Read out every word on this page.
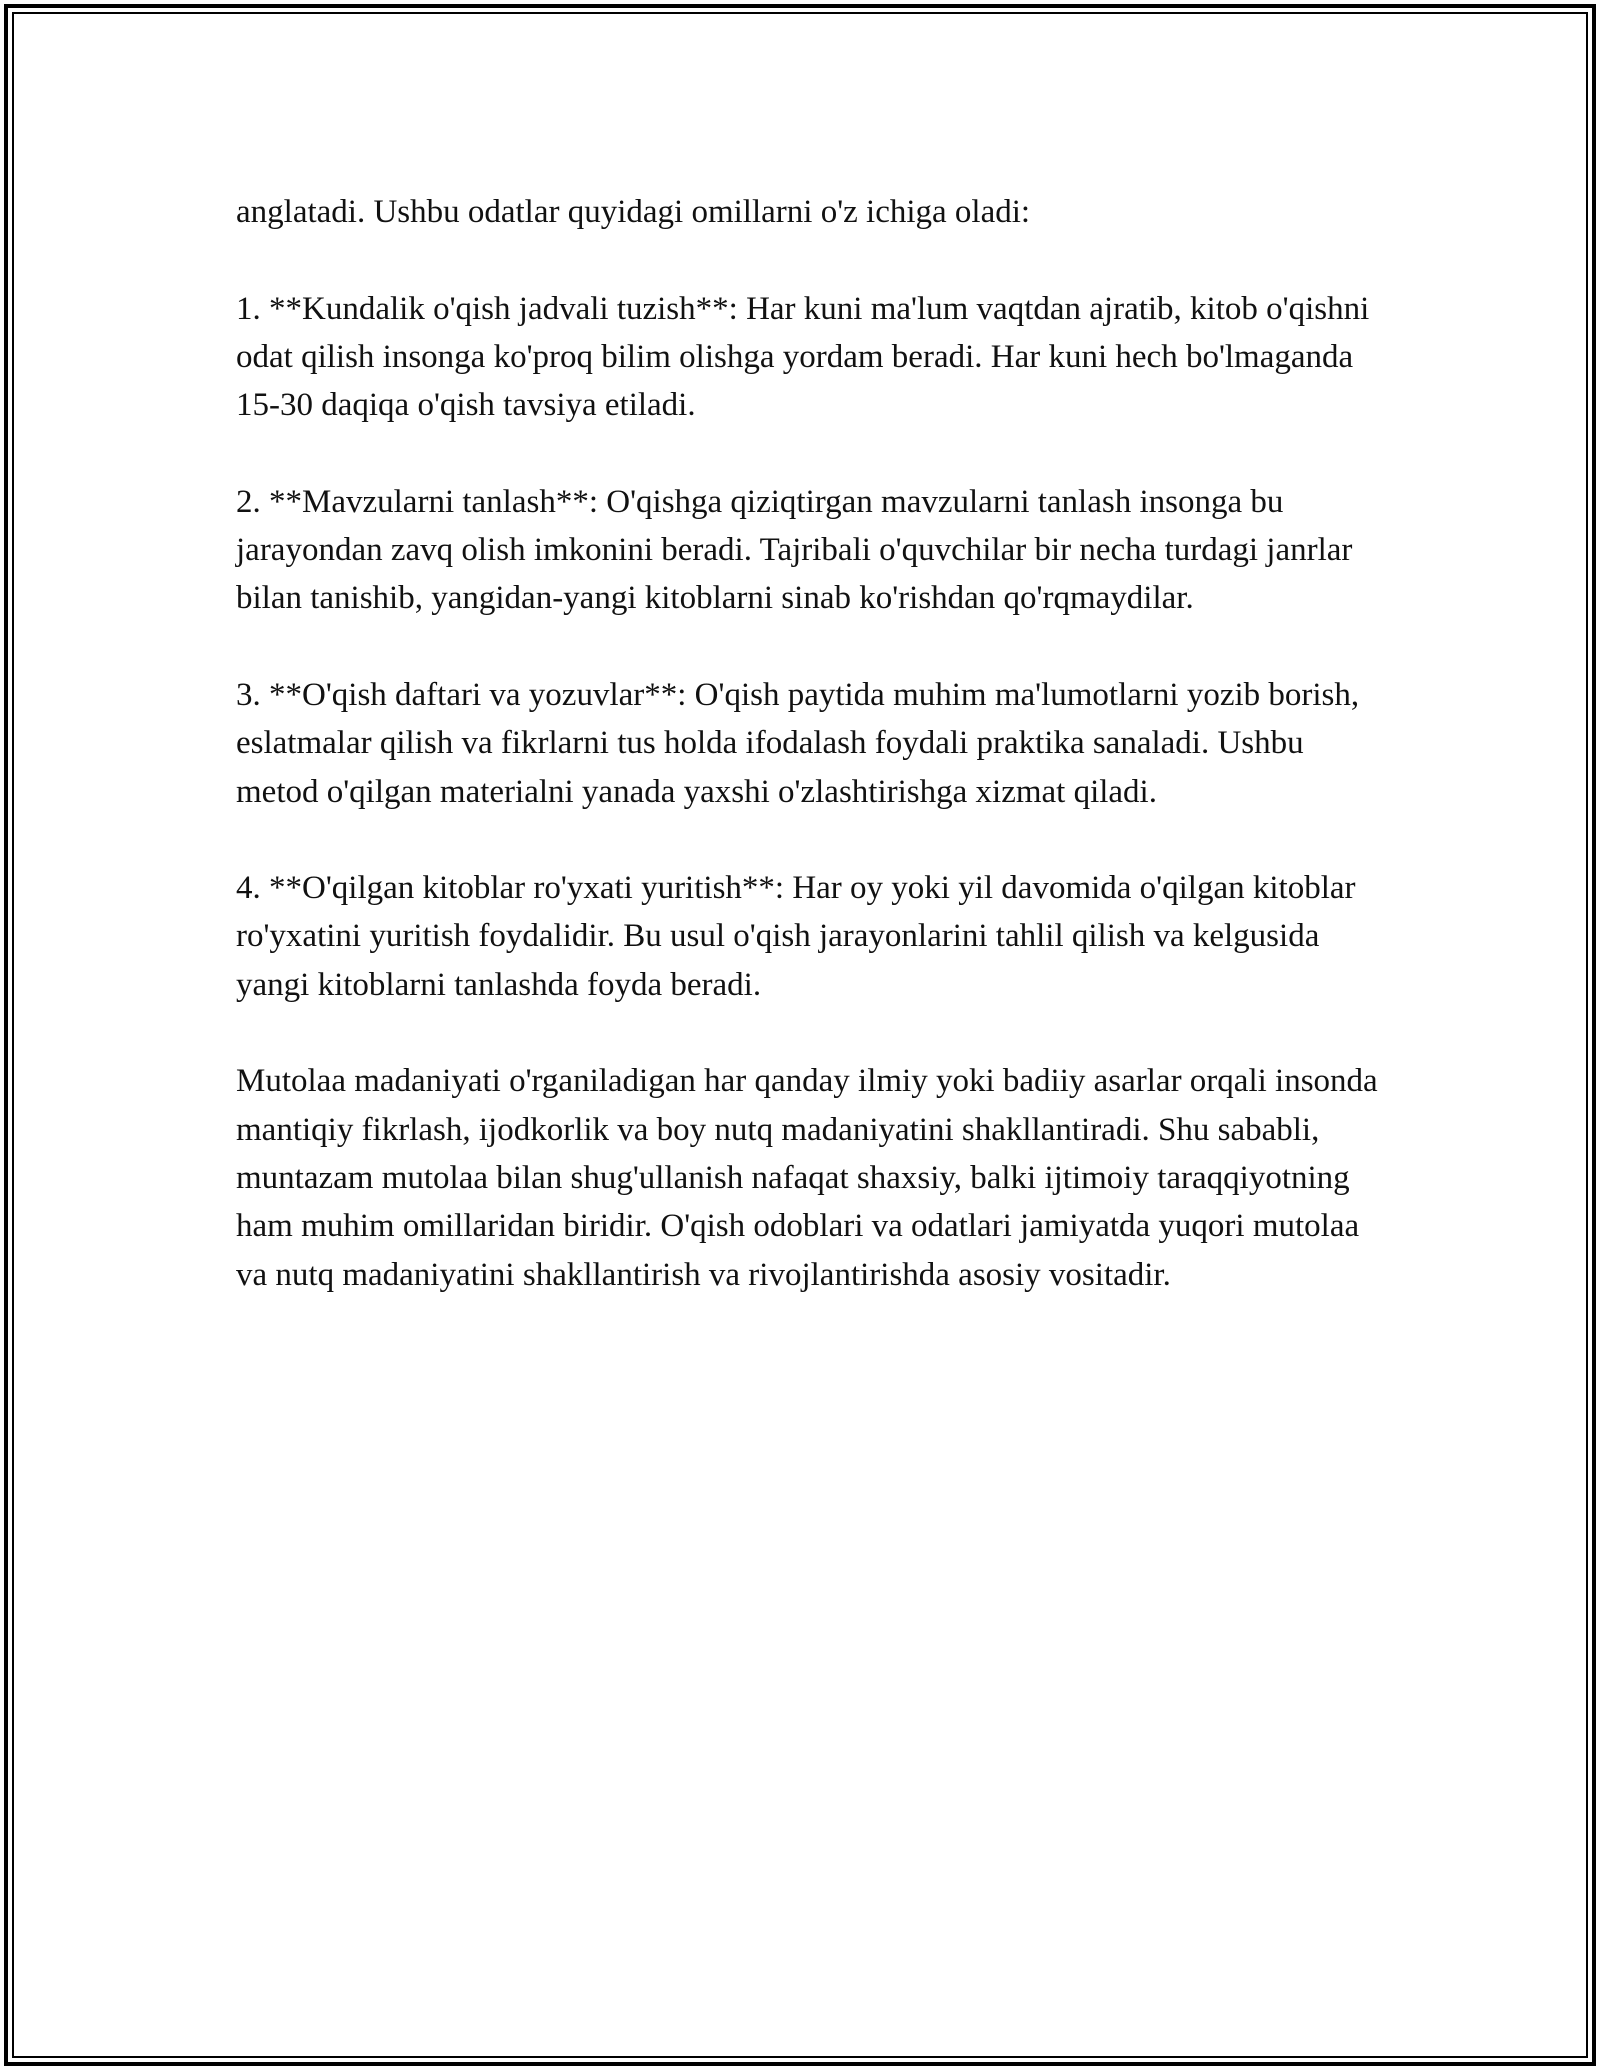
anglatadi. Ushbu odatlar quyidagi omillarni o'z ichiga oladi:

1. **Kundalik o'qish jadvali tuzish**: Har kuni ma'lum vaqtdan ajratib, kitob o'qishni odat qilish insonga ko'proq bilim olishga yordam beradi. Har kuni hech bo'lmaganda 15-30 daqiqa o'qish tavsiya etiladi.

2. **Mavzularni tanlash**: O'qishga qiziqtirgan mavzularni tanlash insonga bu jarayondan zavq olish imkonini beradi. Tajribali o'quvchilar bir necha turdagi janrlar bilan tanishib, yangidan-yangi kitoblarni sinab ko'rishdan qo'rqmaydilar.

3. **O'qish daftari va yozuvlar**: O'qish paytida muhim ma'lumotlarni yozib borish, eslatmalar qilish va fikrlarni tus holda ifodalash foydali praktika sanaladi. Ushbu metod o'qilgan materialni yanada yaxshi o'zlashtirishga xizmat qiladi.

4. **O'qilgan kitoblar ro'yxati yuritish**: Har oy yoki yil davomida o'qilgan kitoblar ro'yxatini yuritish foydalidir. Bu usul o'qish jarayonlarini tahlil qilish va kelgusida yangi kitoblarni tanlashda foyda beradi.

Mutolaa madaniyati o'rganiladigan har qanday ilmiy yoki badiiy asarlar orqali insonda mantiqiy fikrlash, ijodkorlik va boy nutq madaniyatini shakllantiradi. Shu sababli, muntazam mutolaa bilan shug'ullanish nafaqat shaxsiy, balki ijtimoiy taraqqiyotning ham muhim omillaridan biridir. O'qish odoblari va odatlari jamiyatda yuqori mutolaa va nutq madaniyatini shakllantirish va rivojlantirishda asosiy vositadir.
